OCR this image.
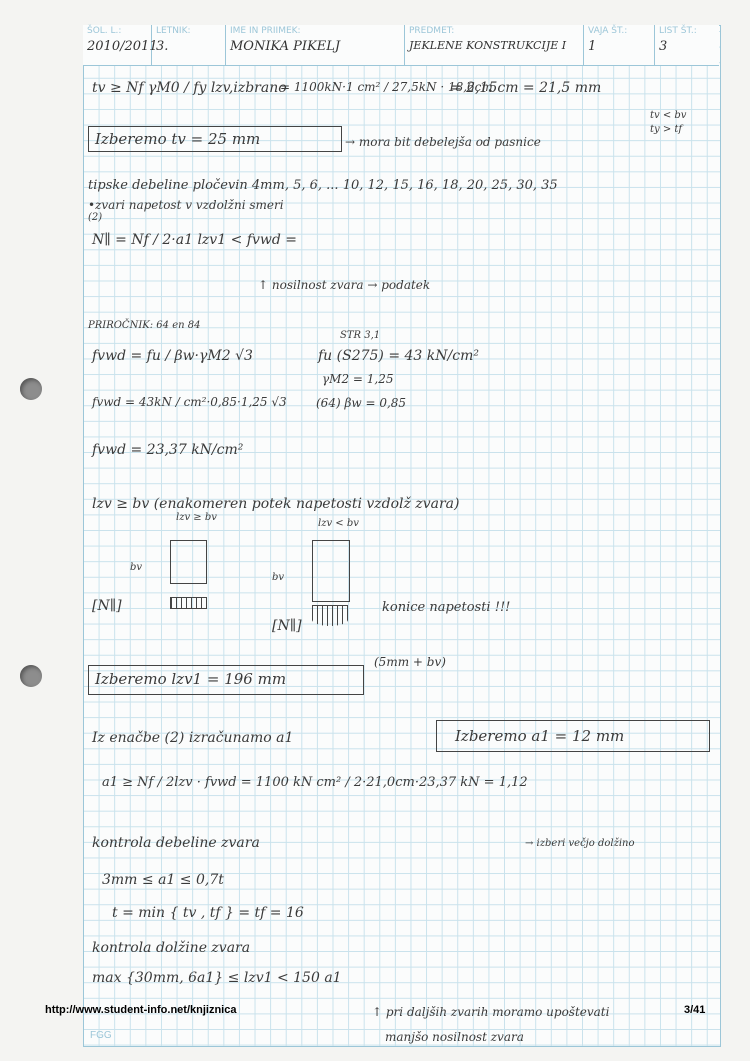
ŠOL. L.:
2010/2011
LETNIK:
3.
IME IN PRIIMEK:
MONIKA PIKELJ
PREDMET:
JEKLENE KONSTRUKCIJE I
VAJA ŠT.:
1
LIST ŠT.:
3
tv ≥ Nf γM0 / fy lzv,izbrano
= 1100kN·1 cm² / 27,5kN · 18,6cm
= 2,15cm = 21,5 mm
tv < bv
ty > tf
Izberemo tv = 25 mm	→ mora bit debelejša od pasnice
tipske debeline pločevin 4mm, 5, 6, ... 10, 12, 15, 16, 18, 20, 25, 30, 35
•zvari napetost v vzdolžni smeri
(2)
N∥ = Nf / 2·a1 lzv1 < fvwd =
↑ nosilnost zvara → podatek
PRIROČNIK: 64 en 84
fvwd = fu / βw·γM2 √3
STR 3,1
fu (S275) = 43 kN/cm²
γM2 = 1,25
(64) βw = 0,85
fvwd = 43kN / cm²·0,85·1,25 √3
fvwd = 23,37 kN/cm²
lzv ≥ bv (enakomeren potek napetosti vzdolž zvara)
lzv ≥ bv
lzv < bv
bv
bv
[N∥]
[N∥]
konice napetosti !!!
(5mm + bv)
Izberemo lzv1 = 196 mm
Iz enačbe (2) izračunamo a1	Izberemo a1 = 12 mm
a1 ≥ Nf / 2lzv · fvwd = 1100 kN cm² / 2·21,0cm·23,37 kN = 1,12
kontrola debeline zvara	→ izberi večjo dolžino
3mm ≤ a1 ≤ 0,7t
t = min { tv , tf } = tf = 16
kontrola dolžine zvara
max {30mm, 6a1} ≤ lzv1 < 150 a1
↑ pri daljših zvarih moramo upoštevati
manjšo nosilnost zvara
http://www.student-info.net/knjiznica	3/41
FGG
